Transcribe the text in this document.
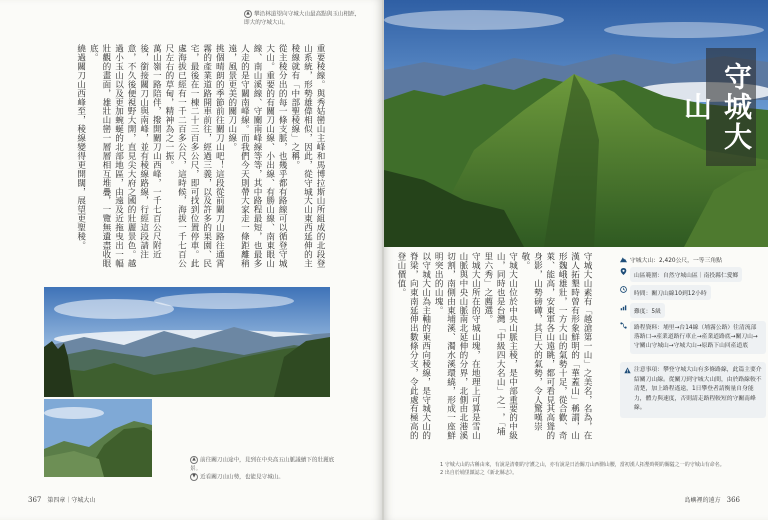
▲ 攀沿林道望向守城大山最高點與玉山相距，即大的守城大山。

重要稜線。與秀姑巒山主峰和馬博拉斯山所組成的北段登山系統，形勢雄偉相似，因此，從守城大山東西延伸的主稜線就有「中部聖稜線」之稱。

從主稜分出的每一條支脈，也幾乎都有路線可以循登守城大山。重要的有關刀山線、小出線、有勝山線、南東眼山線、南山溪線、守關南峰線等等，其中路程最短，也最多人走的是守關南峰線。而我們今天則帶大家走一條距離稍遠，風景更美的關刀山線。

挑個晴朗的季節前往關刀山吧！這段從前關刀山路往通霄霧的產業道路開車前往，經過三義，以及許多的果園、民宅，最後在一棟二十三百多公尺，即可找到位置停車。此處海拔已經有一千二百多公尺，這時候，海拔一千七百公尺左右的草甸，精神為之一振。

萬山嶺一路陪伴，撥開關刀山西峰，一千七百公尺附近後，銜接關刀山與南峰，並有稜線路線，行經這段請注意，不久後便視野大開，直見尖大府之國的壯麗景色。越過小玉山以及更加蜿蜒的北部地區，由遠及近拖曳出一幅壯觀的畫面，雄壯山巒一層層相互堆疊，一覽無遺盡收眼底。

繞過關刀山西峰至，稜線變得更開闊，展望更聖稜。

▲ 前往關刀山途中，見到在中央高五山脈議續下的壯麗底景。
▼ 近看關刀山山勢，也能見守城山。
367 第四章｜守城大山

守城大山素有「越滄第一山」之美名，名為，在漢人拓墾時曾有形象鮮明的「華蓋山」稱謂，山形魏峨雄壯，一方大山的氣勢十足，從合歡、奇萊、能高，安東軍各山遠眺，都可看見其高聳的身影，山勢磅礡，其巨大的氣勢，令人驚嘆崇敬。

守城大山位於中央山脈主稜，是中部重要的中級山，同時也是台灣「中級四大名山」之一，「埔里六秀」之薦選。

守城大山所在的守城山塊，在地理上可算是雪山山脈與中央山脈南北延伸的分界，北側由北港溪切割，南側由東埔溪、濁水溪環繞，形成一座鮮明突出的山塊。

以守城大山為主軸的東西向稜線，是守城大山的脊梁，向東南延伸出數條分支，令此處有極高的登山價值。

1 守城大山的古稱由來，有說是清朝的守護之山，亦有說是日治關刀山西側山腰，當初漢人拓墾時期的關隘之一的守城山有命名。
2 出自於埔里鎮誌之《新北縣志》。
島嶼裡的遠方 366
守城大山
守城大山：2,420公尺，一等三角點
山區範圍：自然守城山區｜南投縣仁愛鄉
時間：關刀山線10到12小時
難度：5級
路程資料：埔里→台14線（埔霧公路）往清流部落路口→產業道路行車止→產業道路底→關刀山→守關山守城山→守城大山→原路下山回產道底
注意事項：攀登守城大山有多條路線，此篇主要介紹關刀山線。從關刀到守城大山間，由於路線較不清楚，加上路程遙遠，1日攀登者請衡量自身能力，體力與速度，否則請走路程較短的守關南峰線。
